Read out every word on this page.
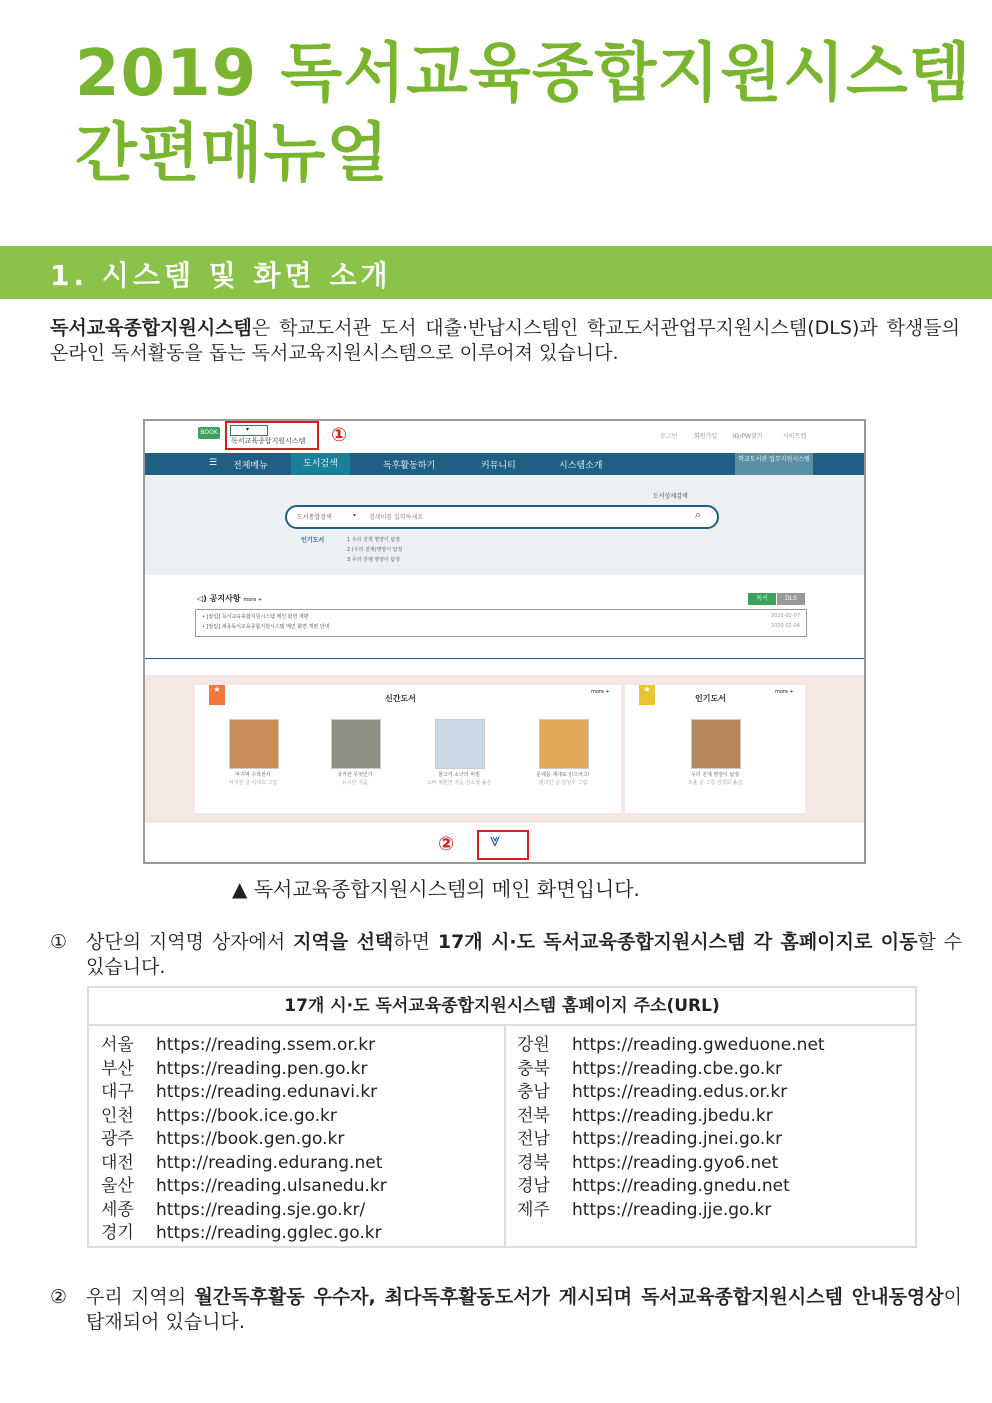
2019 독서교육종합지원시스템
간편매뉴얼
1. 시스템 및 화면 소개
독서교육종합지원시스템은 학교도서관 도서 대출·반납시스템인 학교도서관업무지원시스템(DLS)과 학생들의 온라인 독서활동을 돕는 독서교육지원시스템으로 이루어져 있습니다.
BOOK	▾
독서교육종합지원시스템 ①	로그인	회원가입	ID/PW찾기	사이트맵
☰ 전체메뉴	도서검색	독후활동하기	커뮤니티	시스템소개
학교도서관 업무지원시스템
도서상세검색
도서통합검색	▾ 검색어를 입력하세요	⌕
인기도서	1 우리 전제 명양이 탐정
2 (우리 전제)명양이 탐정
3 우리 전제 명양이 탐정
◁) 공지사항 more +	독서	DLS
• [알림] 독서교육종합지원시스템 메인 화면 개편	2020-02-07
• [알림] 세종독서교육종합지원시스템 메인 화면 개편 안내	2020-02-06
★
신간도서
more +
마지막 수학전사
서지원 글·이대호 그림
국가란 무엇인가
유시민 지음
물고기 소녀의 비밀
노바 위헌먼 지음·김소정 옮김
문제를 제대로 읽으라고!
범의인 글·김성후 그림
★
인기도서
more +
우리 전제 명양이 탐정
조올 글·그림·김정희 옮김
② ⩔
▲ 독서교육종합지원시스템의 메인 화면입니다.
① 상단의 지역명 상자에서 지역을 선택하면 17개 시·도 독서교육종합지원시스템 각 홈페이지로 이동할 수 있습니다.
17개 시·도 독서교육종합지원시스템 홈페이지 주소(URL)
서울 https://reading.ssem.or.kr
부산 https://reading.pen.go.kr
대구 https://reading.edunavi.kr
인천 https://book.ice.go.kr
광주 https://book.gen.go.kr
대전 http://reading.edurang.net
울산 https://reading.ulsanedu.kr
세종 https://reading.sje.go.kr/
경기 https://reading.gglec.go.kr
강원 https://reading.gweduone.net
충북 https://reading.cbe.go.kr
충남 https://reading.edus.or.kr
전북 https://reading.jbedu.kr
전남 https://reading.jnei.go.kr
경북 https://reading.gyo6.net
경남 https://reading.gnedu.net
제주 https://reading.jje.go.kr
② 우리 지역의 월간독후활동 우수자, 최다독후활동도서가 게시되며 독서교육종합지원시스템 안내동영상이 탑재되어 있습니다.
